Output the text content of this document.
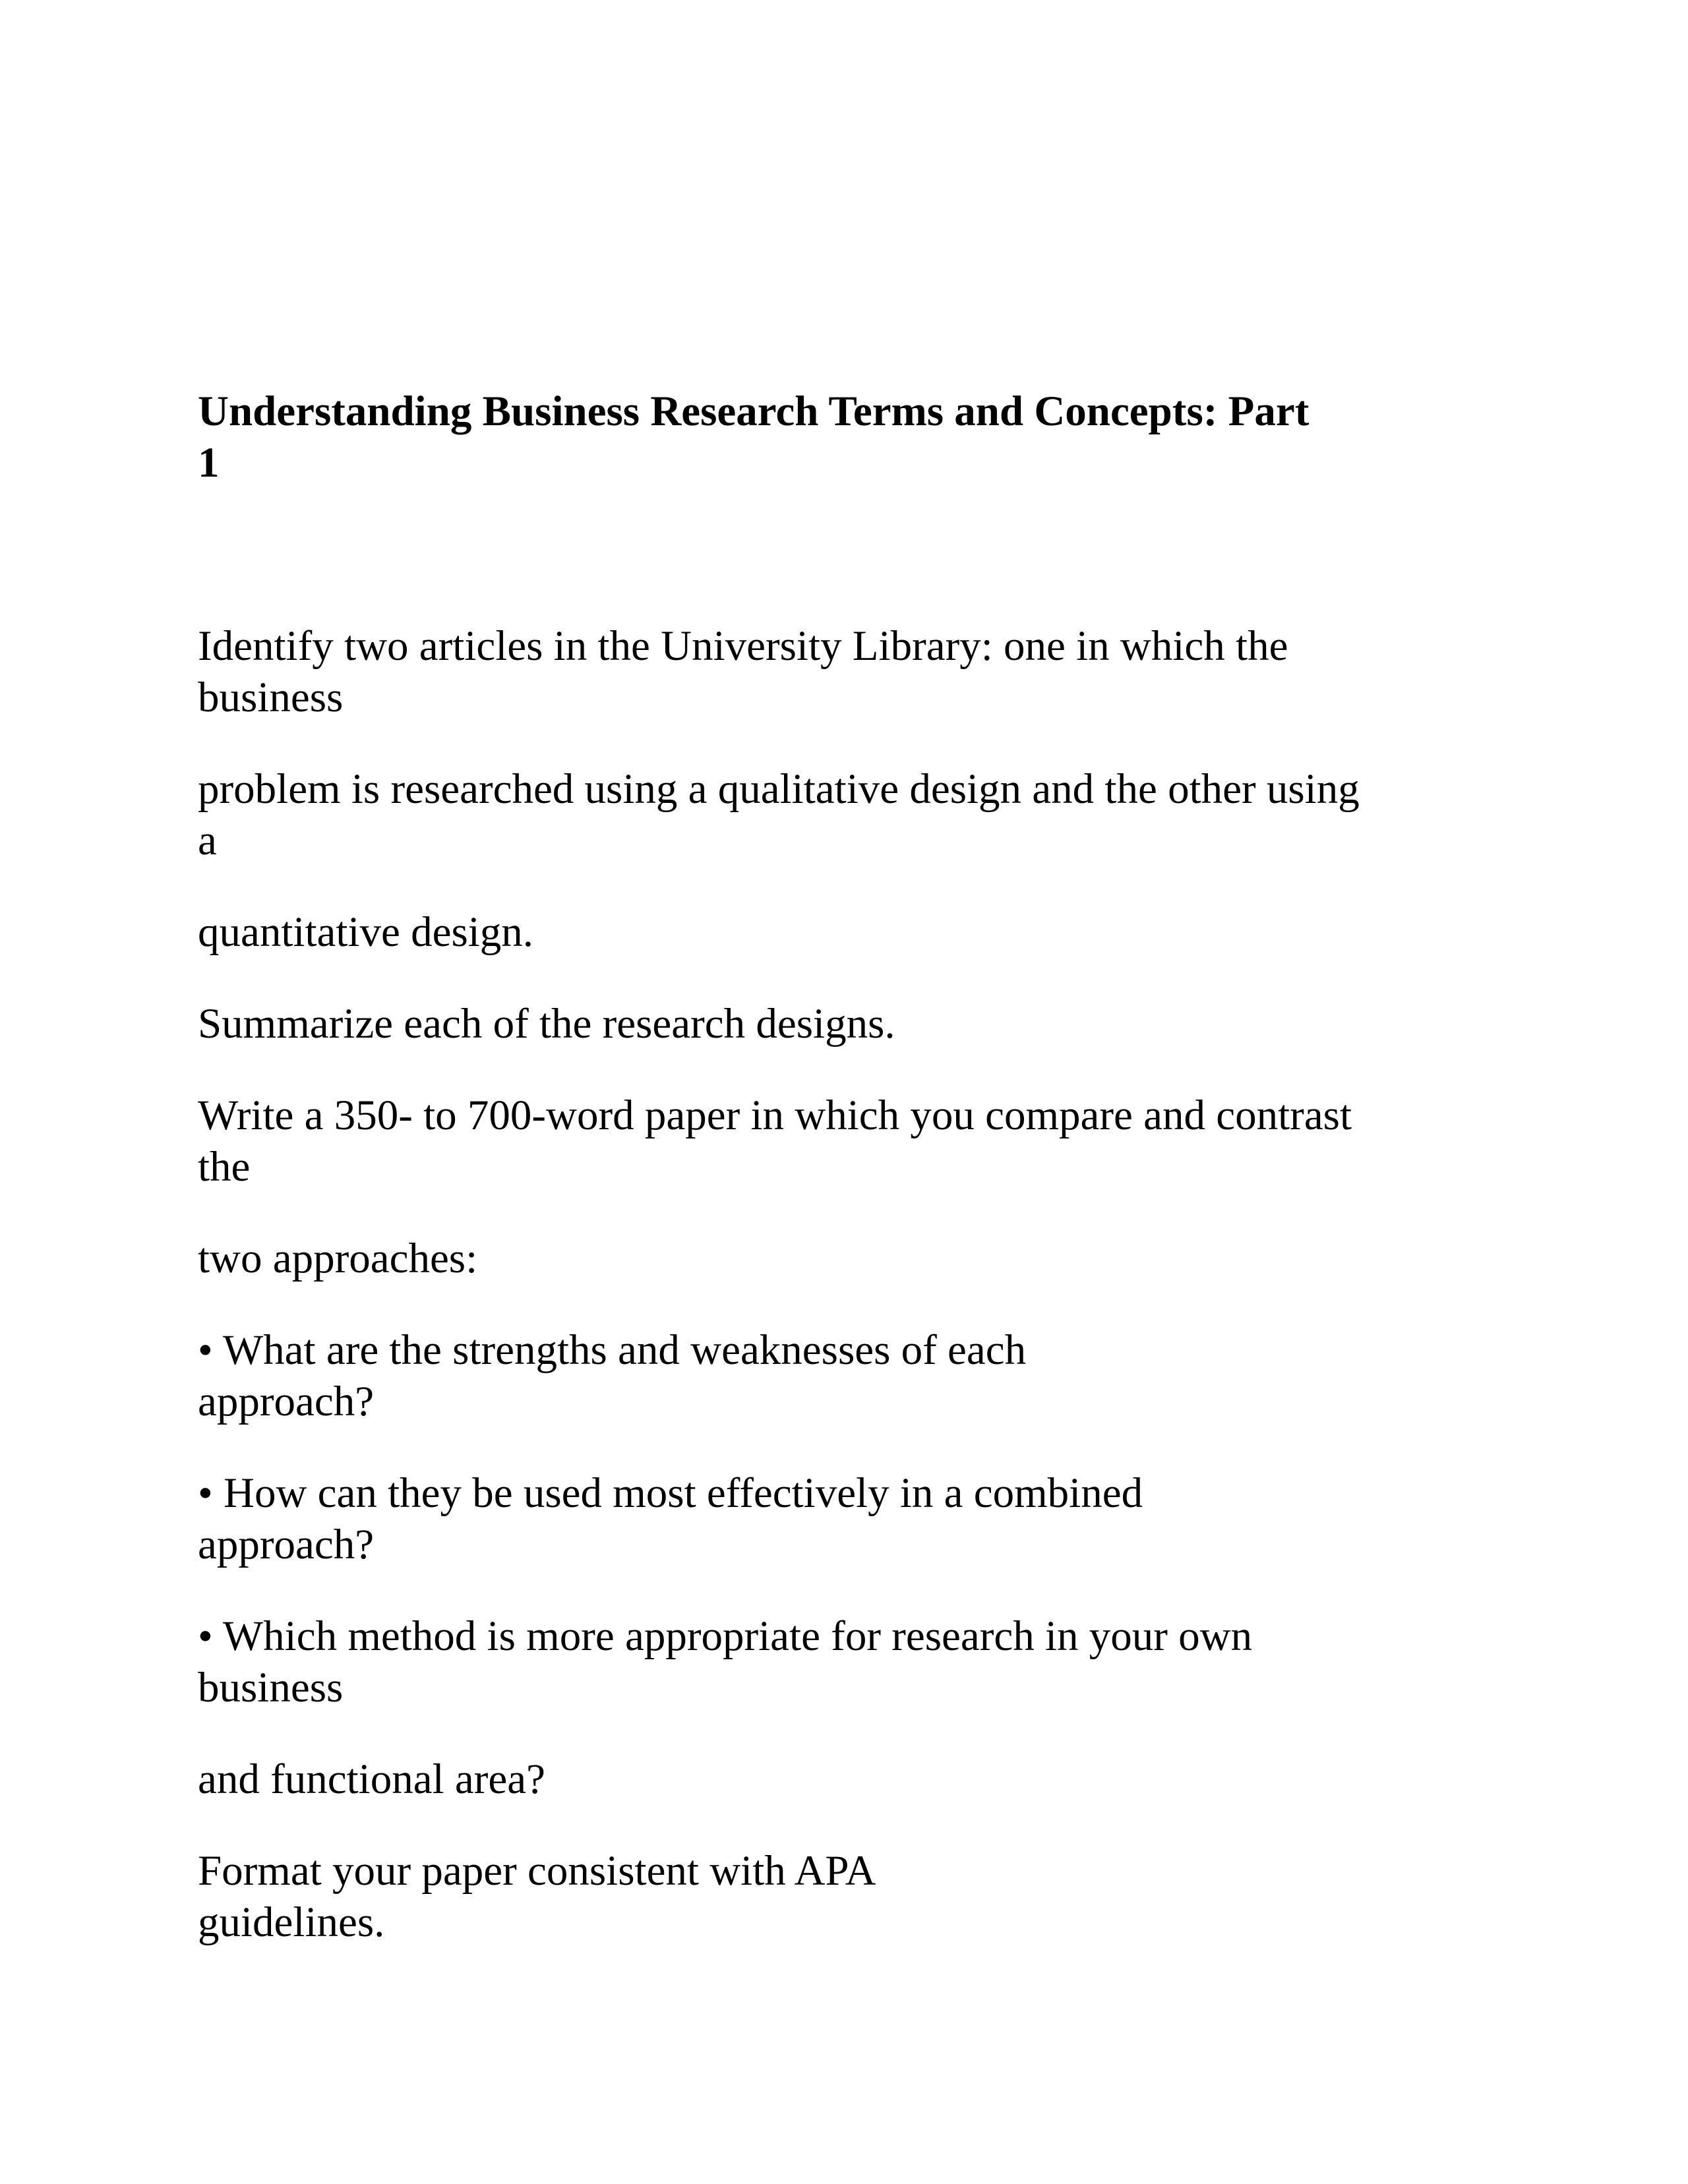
Understanding Business Research Terms and Concepts: Part
1

Identify two articles in the University Library: one in which the
business

problem is researched using a qualitative design and the other using
a

quantitative design.

Summarize each of the research designs.

Write a 350- to 700-word paper in which you compare and contrast
the

two approaches:

• What are the strengths and weaknesses of each
approach?

• How can they be used most effectively in a combined
approach?

• Which method is more appropriate for research in your own
business

and functional area?

Format your paper consistent with APA
guidelines.
